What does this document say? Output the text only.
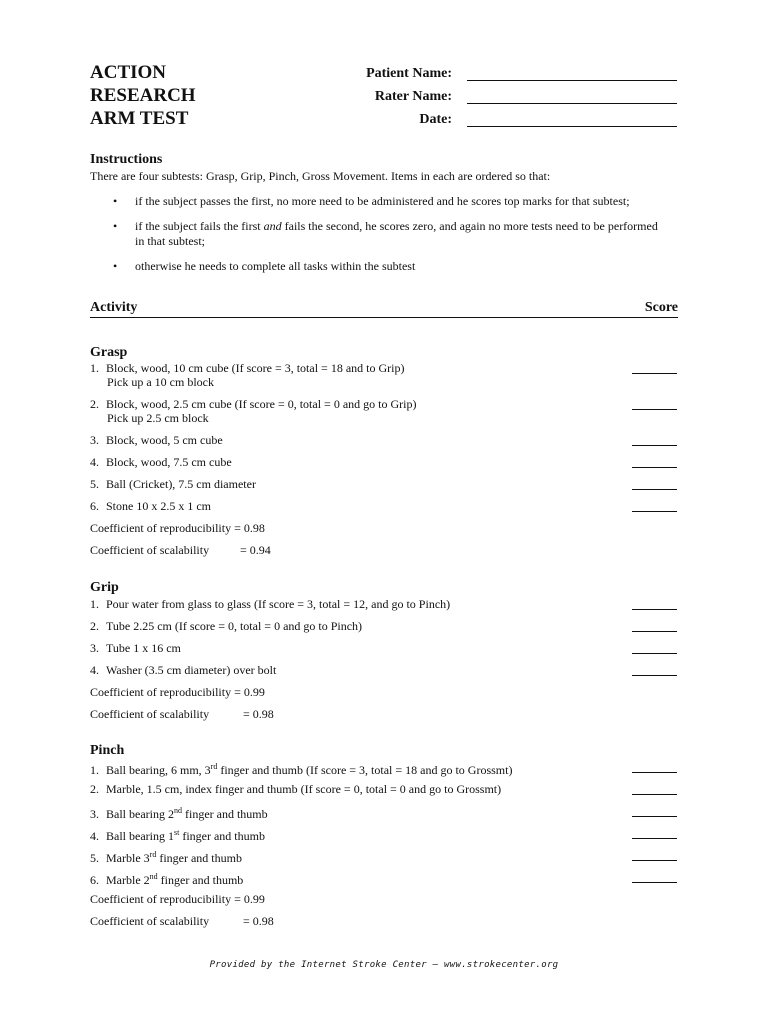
ACTION
RESEARCH
ARM TEST
Patient Name:
Rater Name:
Date:
Instructions
There are four subtests: Grasp, Grip, Pinch, Gross Movement. Items in each are ordered so that:
• if the subject passes the first, no more need to be administered and he scores top marks for that subtest;
• if the subject fails the first and fails the second, he scores zero, and again no more tests need to be performed in that subtest;
• otherwise he needs to complete all tasks within the subtest
Activity	Score
Grasp
1. Block, wood, 10 cm cube (If score = 3, total = 18 and to Grip)
Pick up a 10 cm block
2. Block, wood, 2.5 cm cube (If score = 0, total = 0 and go to Grip)
Pick up 2.5 cm block
3. Block, wood, 5 cm cube
4. Block, wood, 7.5 cm cube
5. Ball (Cricket), 7.5 cm diameter
6. Stone 10 x 2.5 x 1 cm
Coefficient of reproducibility = 0.98
Coefficient of scalability	= 0.94
Grip
1. Pour water from glass to glass (If score = 3, total = 12, and go to Pinch)
2. Tube 2.25 cm (If score = 0, total = 0 and go to Pinch)
3. Tube 1 x 16 cm
4. Washer (3.5 cm diameter) over bolt
Coefficient of reproducibility = 0.99
Coefficient of scalability	= 0.98
Pinch
1. Ball bearing, 6 mm, 3rd finger and thumb (If score = 3, total = 18 and go to Grossmt)
2. Marble, 1.5 cm, index finger and thumb (If score = 0, total = 0 and go to Grossmt)
3. Ball bearing 2nd finger and thumb
4. Ball bearing 1st finger and thumb
5. Marble 3rd finger and thumb
6. Marble 2nd finger and thumb
Coefficient of reproducibility = 0.99
Coefficient of scalability	= 0.98
Provided by the Internet Stroke Center — www.strokecenter.org
